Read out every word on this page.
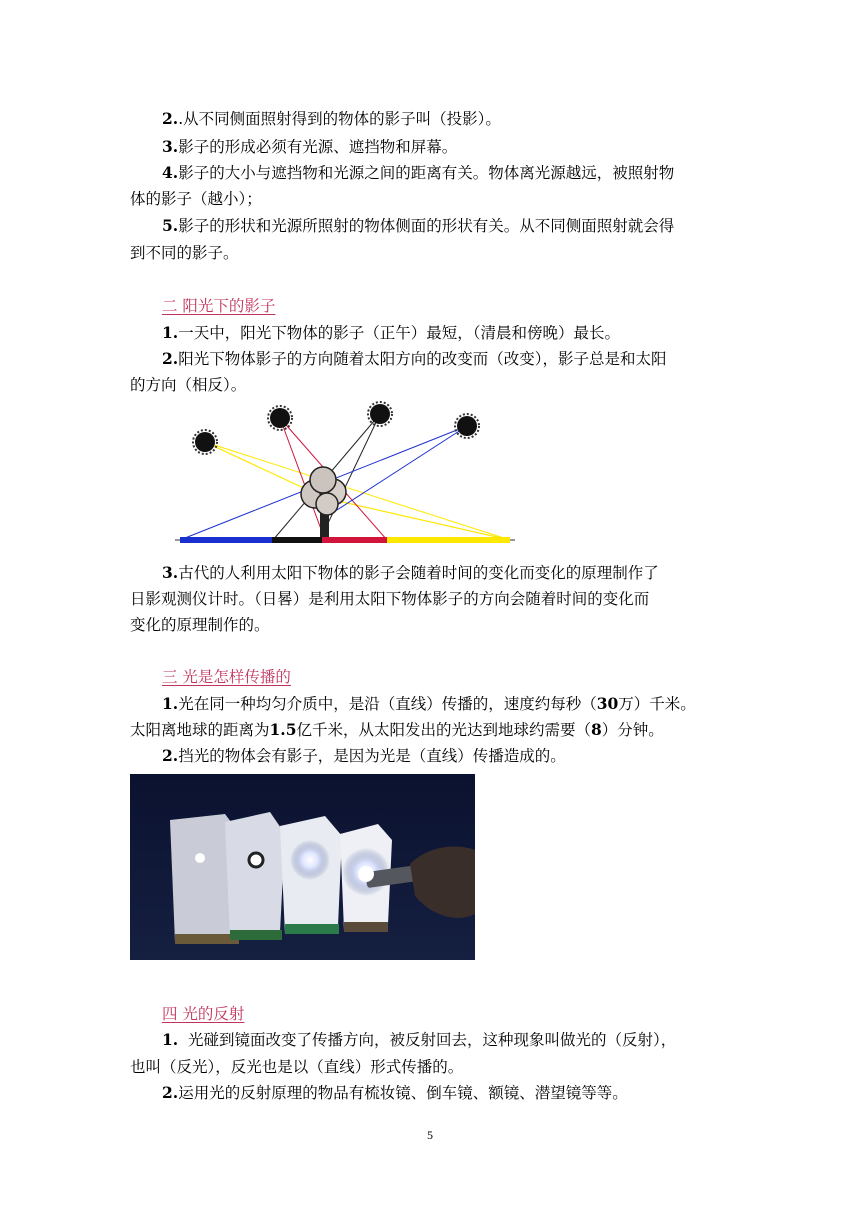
2..从不同侧面照射得到的物体的影子叫（投影）。
3.影子的形成必须有光源、遮挡物和屏幕。
4.影子的大小与遮挡物和光源之间的距离有关。物体离光源越远，被照射物
体的影子（越小）；
5.影子的形状和光源所照射的物体侧面的形状有关。从不同侧面照射就会得
到不同的影子。
二 阳光下的影子
1.一天中，阳光下物体的影子（正午）最短，（清晨和傍晚）最长。
2.阳光下物体影子的方向随着太阳方向的改变而（改变），影子总是和太阳
的方向（相反）。
3.古代的人利用太阳下物体的影子会随着时间的变化而变化的原理制作了
日影观测仪计时。（日晷）是利用太阳下物体影子的方向会随着时间的变化而
变化的原理制作的。
三 光是怎样传播的
1.光在同一种均匀介质中，是沿（直线）传播的，速度约每秒（30万）千米。
太阳离地球的距离为1.5亿千米，从太阳发出的光达到地球约需要（8）分钟。
2.挡光的物体会有影子，是因为光是（直线）传播造成的。
四 光的反射
1.  光碰到镜面改变了传播方向，被反射回去，这种现象叫做光的（反射），
也叫（反光），反光也是以（直线）形式传播的。
2.运用光的反射原理的物品有梳妆镜、倒车镜、额镜、潜望镜等等。
5
